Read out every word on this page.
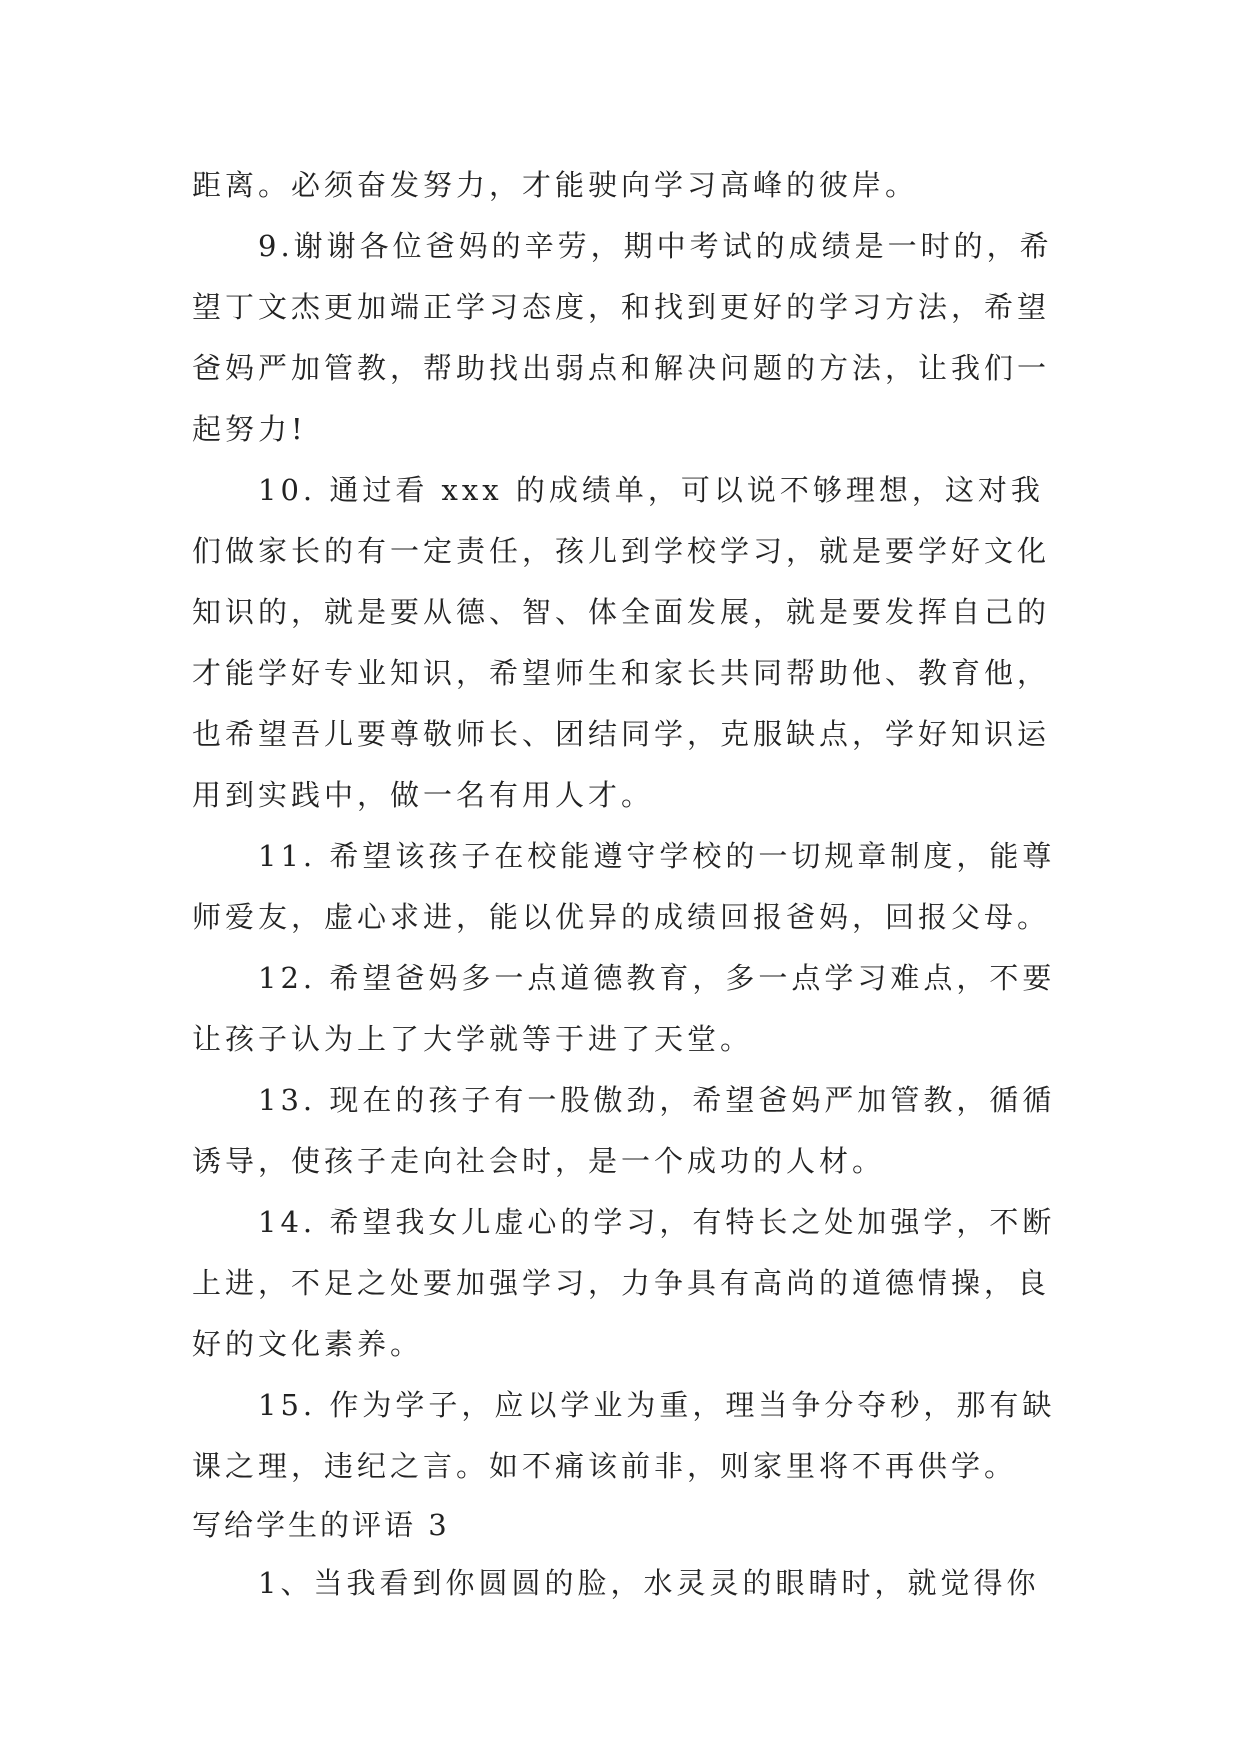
距离。必须奋发努力，才能驶向学习高峰的彼岸。

9.谢谢各位爸妈的辛劳，期中考试的成绩是一时的，希望丁文杰更加端正学习态度，和找到更好的学习方法，希望爸妈严加管教，帮助找出弱点和解决问题的方法，让我们一起努力!

10. 通过看 xxx 的成绩单，可以说不够理想，这对我们做家长的有一定责任，孩儿到学校学习，就是要学好文化知识的，就是要从德、智、体全面发展，就是要发挥自己的才能学好专业知识，希望师生和家长共同帮助他、教育他，也希望吾儿要尊敬师长、团结同学，克服缺点，学好知识运用到实践中，做一名有用人才。

11. 希望该孩子在校能遵守学校的一切规章制度，能尊师爱友，虚心求进，能以优异的成绩回报爸妈，回报父母。

12. 希望爸妈多一点道德教育，多一点学习难点，不要让孩子认为上了大学就等于进了天堂。

13. 现在的孩子有一股傲劲，希望爸妈严加管教，循循诱导，使孩子走向社会时，是一个成功的人材。

14. 希望我女儿虚心的学习，有特长之处加强学，不断上进，不足之处要加强学习，力争具有高尚的道德情操，良好的文化素养。

15. 作为学子，应以学业为重，理当争分夺秒，那有缺课之理，违纪之言。如不痛该前非，则家里将不再供学。

写给学生的评语 3

1、当我看到你圆圆的脸，水灵灵的眼睛时，就觉得你
